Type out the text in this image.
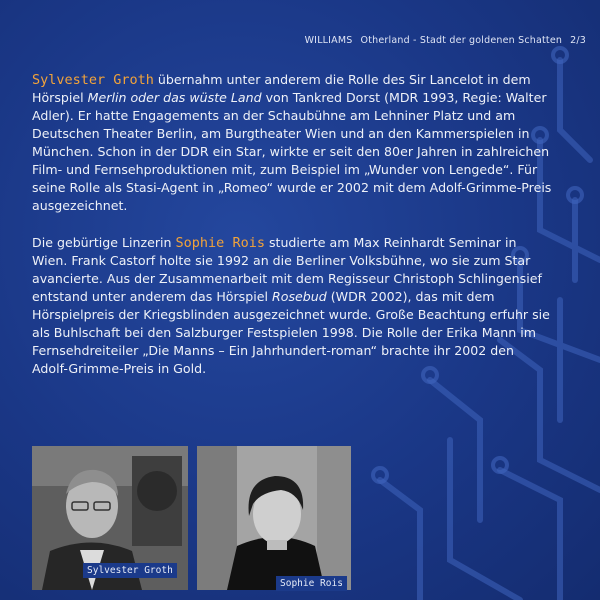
WILLIAMS Otherland - Stadt der goldenen Schatten 2/3
Sylvester Groth übernahm unter anderem die Rolle des Sir Lancelot in dem Hörspiel Merlin oder das wüste Land von Tankred Dorst (MDR 1993, Regie: Walter Adler). Er hatte Engagements an der Schaubühne am Lehniner Platz und am Deutschen Theater Berlin, am Burgtheater Wien und an den Kammerspielen in München. Schon in der DDR ein Star, wirkte er seit den 80er Jahren in zahlreichen Film- und Fernsehproduktionen mit, zum Beispiel im „Wunder von Lengede“. Für seine Rolle als Stasi-Agent in „Romeo“ wurde er 2002 mit dem Adolf-Grimme-Preis ausgezeichnet.
Die gebürtige Linzerin Sophie Rois studierte am Max Reinhardt Seminar in Wien. Frank Castorf holte sie 1992 an die Berliner Volksbühne, wo sie zum Star avancierte. Aus der Zusammenarbeit mit dem Regisseur Christoph Schlingensief entstand unter anderem das Hörspiel Rosebud (WDR 2002), das mit dem Hörspielpreis der Kriegsblinden ausgezeichnet wurde. Große Beachtung erfuhr sie als Buhlschaft bei den Salzburger Festspielen 1998. Die Rolle der Erika Mann im Fernsehdreiteiler „Die Manns – Ein Jahrhundert-roman“ brachte ihr 2002 den Adolf-Grimme-Preis in Gold.
Sylvester Groth
Sophie Rois
